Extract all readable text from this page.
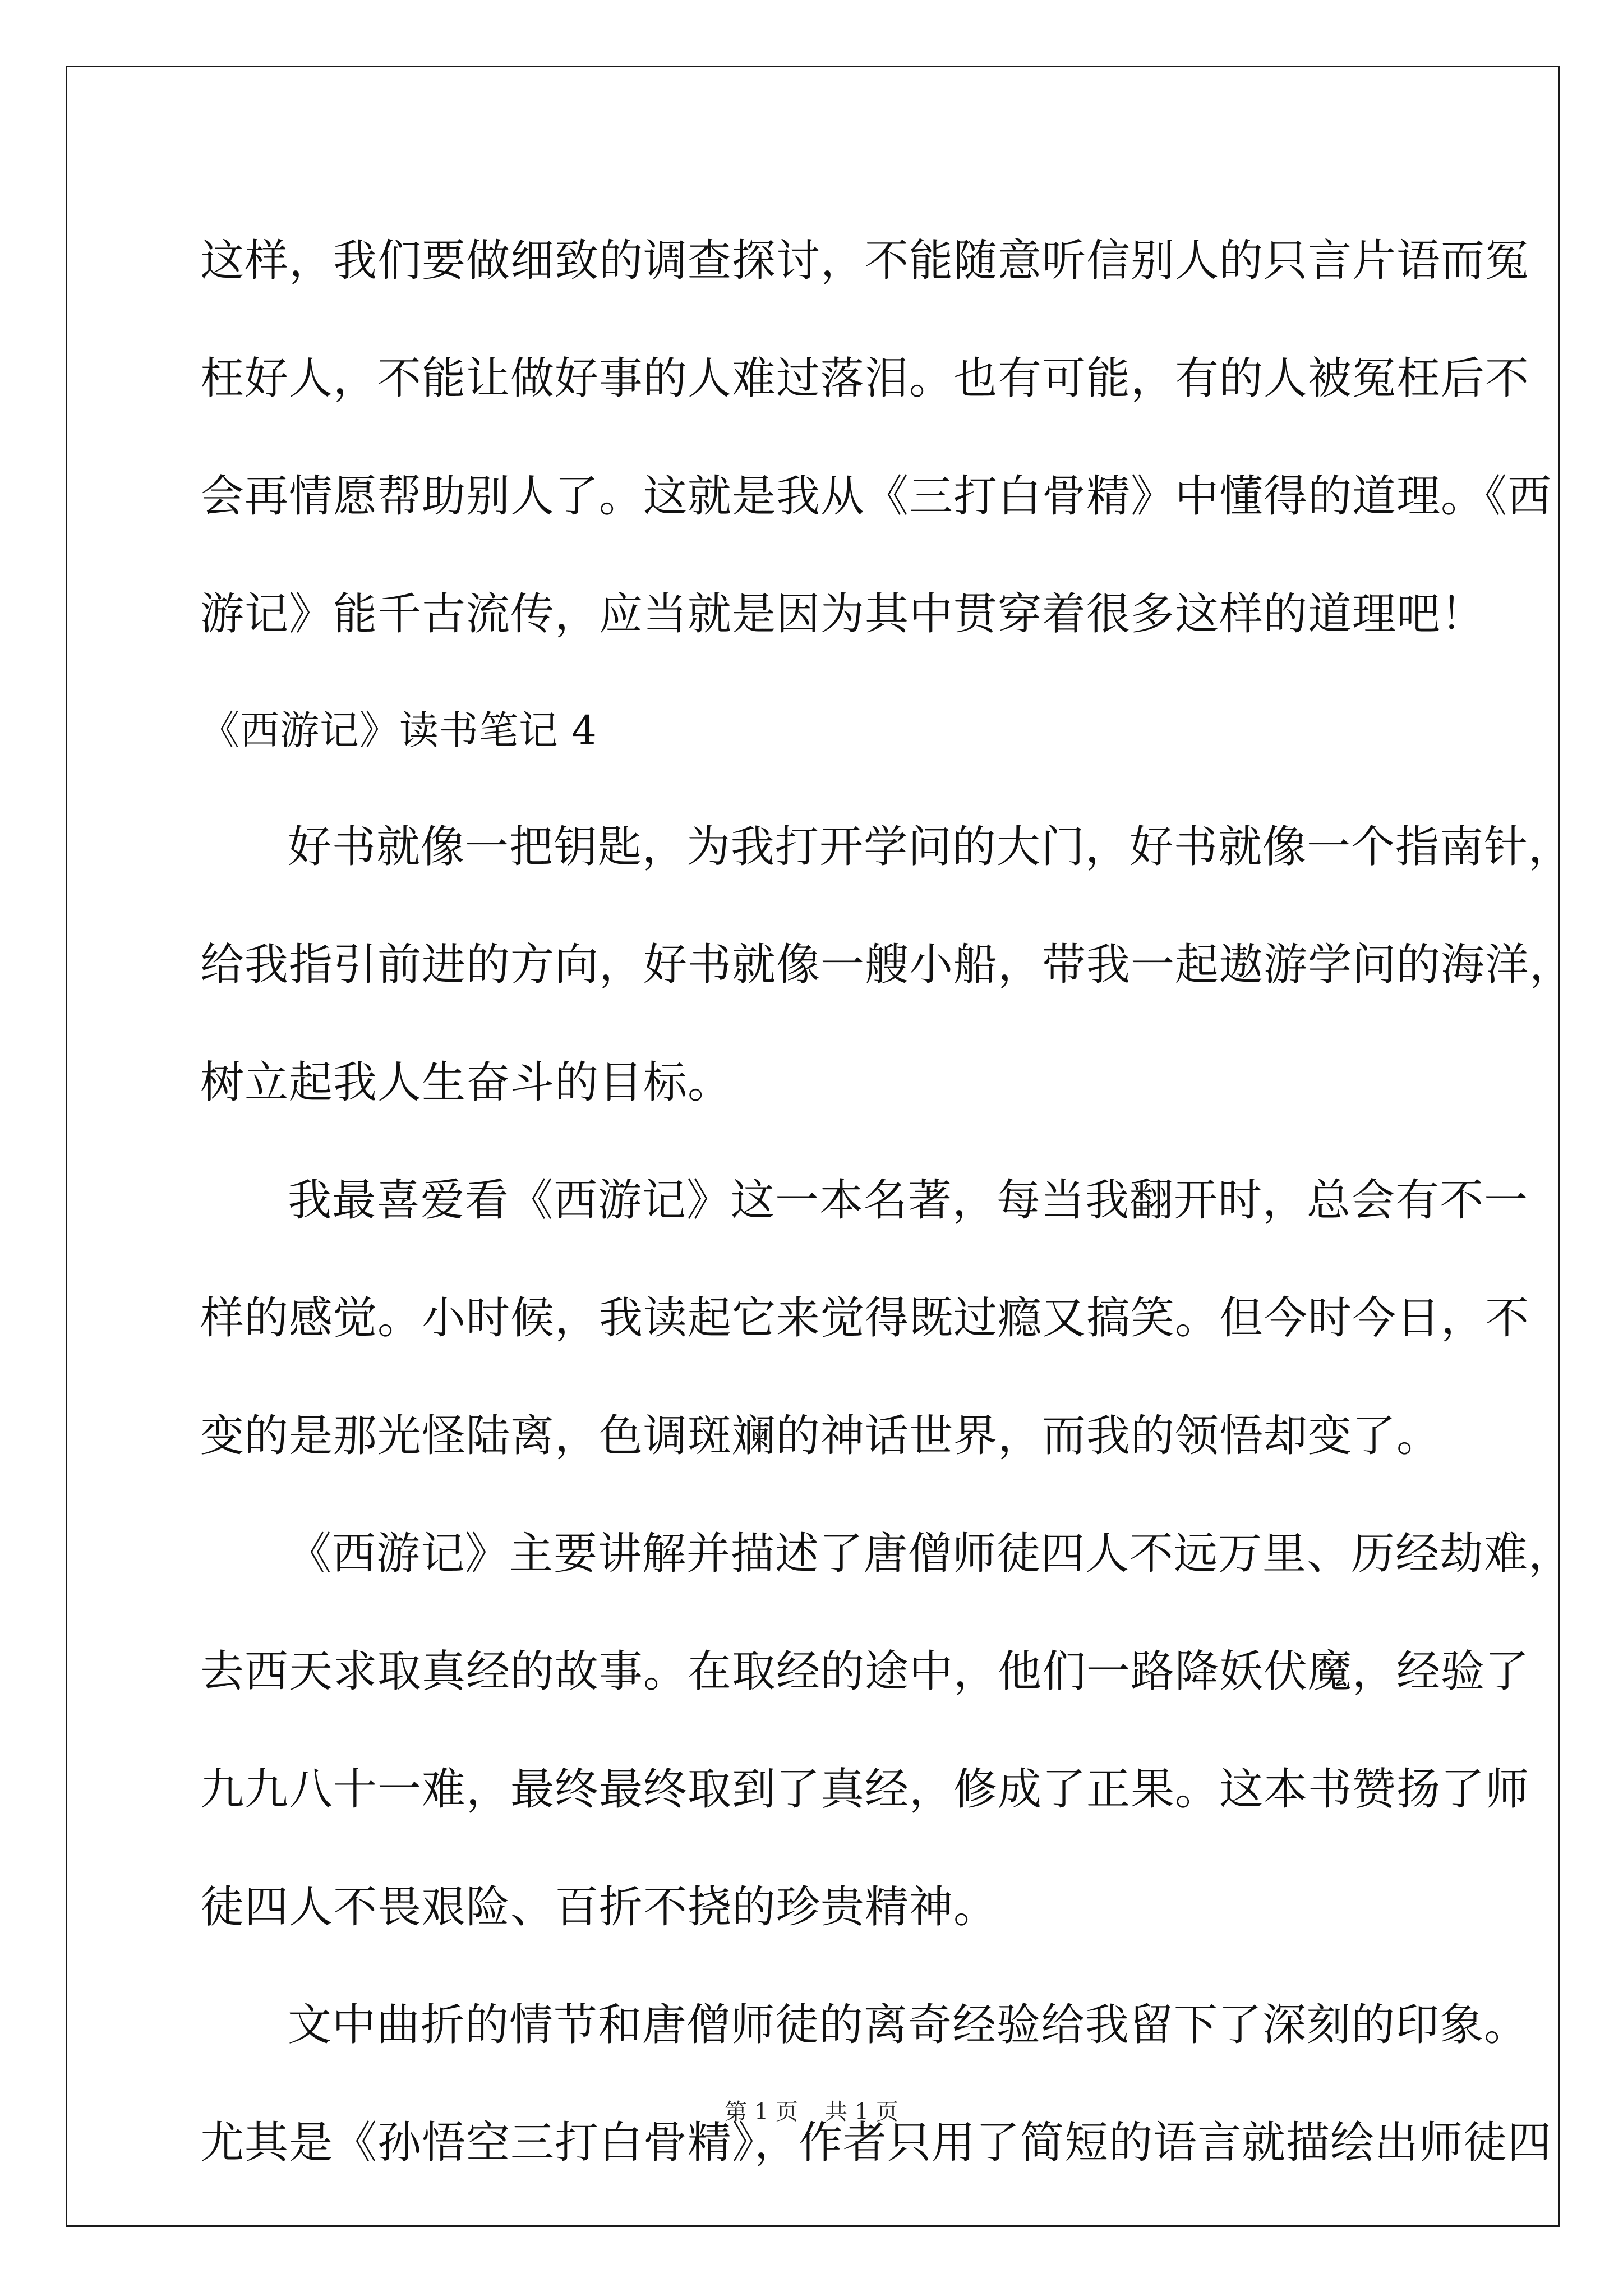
这样，我们要做细致的调查探讨，不能随意听信别人的只言片语而冤
枉好人，不能让做好事的人难过落泪。也有可能，有的人被冤枉后不
会再情愿帮助别人了。这就是我从《三打白骨精》中懂得的道理。《西
游记》能千古流传，应当就是因为其中贯穿着很多这样的道理吧！
《西游记》读书笔记 4
好书就像一把钥匙，为我打开学问的大门，好书就像一个指南针，
给我指引前进的方向，好书就像一艘小船，带我一起遨游学问的海洋，
树立起我人生奋斗的目标。
我最喜爱看《西游记》这一本名著，每当我翻开时，总会有不一
样的感觉。小时候，我读起它来觉得既过瘾又搞笑。但今时今日，不
变的是那光怪陆离，色调斑斓的神话世界，而我的领悟却变了。
《西游记》主要讲解并描述了唐僧师徒四人不远万里、历经劫难，
去西天求取真经的故事。在取经的途中，他们一路降妖伏魔，经验了
九九八十一难，最终最终取到了真经，修成了正果。这本书赞扬了师
徒四人不畏艰险、百折不挠的珍贵精神。
文中曲折的情节和唐僧师徒的离奇经验给我留下了深刻的印象。
尤其是《孙悟空三打白骨精》，作者只用了简短的语言就描绘出师徒四
第 1 页 共 1 页
